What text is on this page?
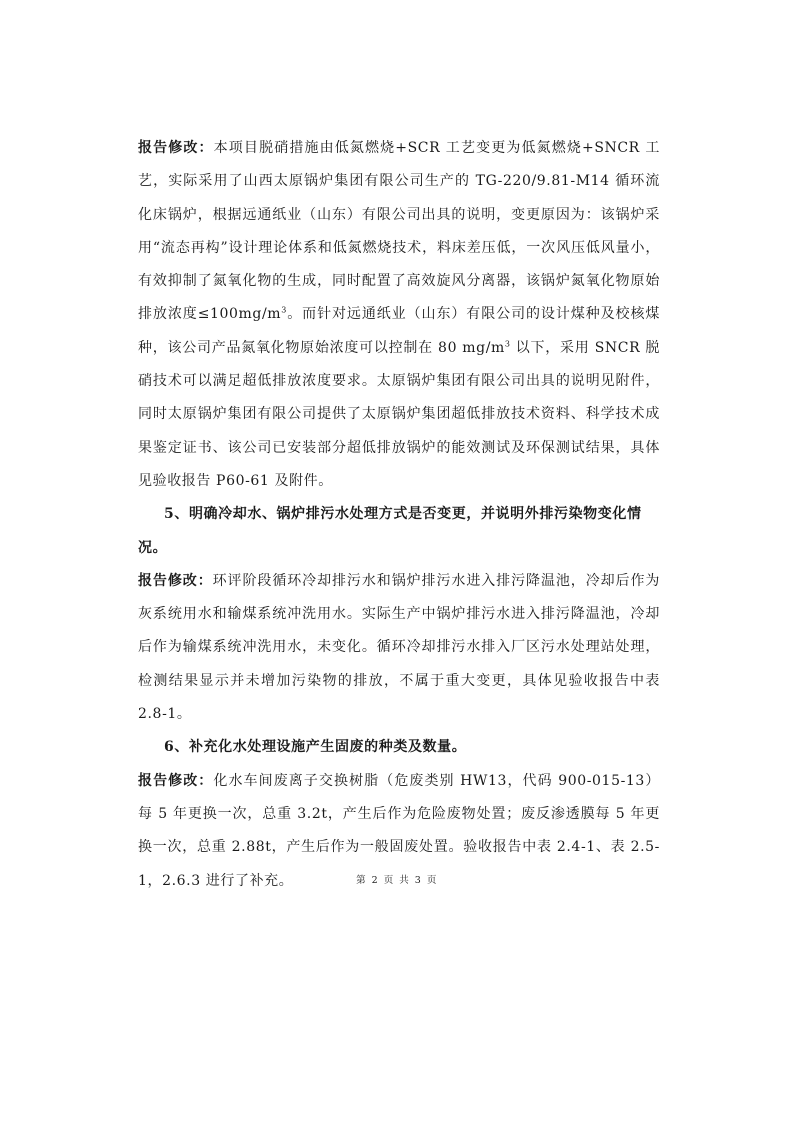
报告修改：本项目脱硝措施由低氮燃烧+SCR 工艺变更为低氮燃烧+SNCR 工艺，实际采用了山西太原锅炉集团有限公司生产的 TG-220/9.81-M14 循环流化床锅炉，根据远通纸业（山东）有限公司出具的说明，变更原因为：该锅炉采用“流态再构”设计理论体系和低氮燃烧技术，料床差压低，一次风压低风量小，有效抑制了氮氧化物的生成，同时配置了高效旋风分离器，该锅炉氮氧化物原始排放浓度$\le 100mg/m^3$。而针对远通纸业（山东）有限公司的设计煤种及校核煤种，该公司产品氮氧化物原始浓度可以控制在 80 $mg/m^3$ 以下，采用 SNCR 脱硝技术可以满足超低排放浓度要求。太原锅炉集团有限公司出具的说明见附件，同时太原锅炉集团有限公司提供了太原锅炉集团超低排放技术资料、科学技术成果鉴定证书、该公司已安装部分超低排放锅炉的能效测试及环保测试结果，具体见验收报告 P60-61 及附件。

5、明确冷却水、锅炉排污水处理方式是否变更，并说明外排污染物变化情况。

报告修改：环评阶段循环冷却排污水和锅炉排污水进入排污降温池，冷却后作为灰系统用水和输煤系统冲洗用水。实际生产中锅炉排污水进入排污降温池，冷却后作为输煤系统冲洗用水，未变化。循环冷却排污水排入厂区污水处理站处理，检测结果显示并未增加污染物的排放，不属于重大变更，具体见验收报告中表 2.8-1。

6、补充化水处理设施产生固废的种类及数量。

报告修改：化水车间废离子交换树脂（危废类别 HW13，代码 900-015-13）每 5 年更换一次，总重 3.2t，产生后作为危险废物处置；废反渗透膜每 5 年更换一次，总重 2.88t，产生后作为一般固废处置。验收报告中表 2.4-1、表 2.5-1，2.6.3 进行了补充。	第 2 页 共 3 页
